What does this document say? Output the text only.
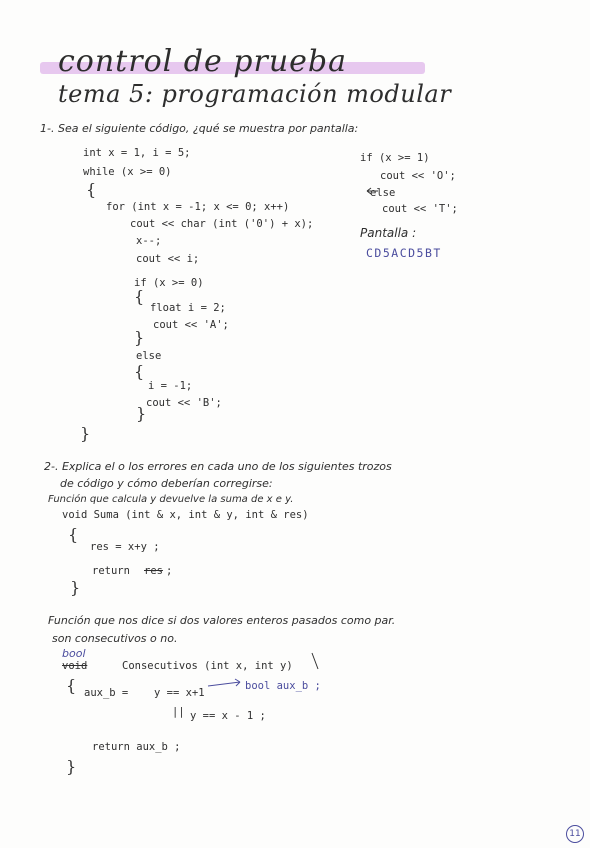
control de prueba
tema 5: programación modular
1-. Sea el siguiente código, ¿qué se muestra por pantalla:
int x = 1, i = 5;
while (x >= 0)
{
for (int x = -1; x <= 0; x++)
cout << char (int ('0') + x);
x--;
cout << i;
if (x >= 0)
{
float i = 2;
cout << 'A';
}
else
{
i = -1;
cout << 'B';
}
}
if (x >= 1)
cout << 'O';
else
cout << 'T';
Pantalla :
CD5ACD5BT
2-. Explica el o los errores en cada uno de los siguientes trozos
de código y cómo deberían corregirse:
Función que calcula y devuelve la suma de x e y.
void Suma (int & x, int & y, int & res)
{
res = x+y ;
return res ;
}
Función que nos dice si dos valores enteros pasados como par.
son consecutivos o no.
bool
void	Consecutivos (int x, int y)
{ aux_b = y == x+1
bool aux_b ;
|| y == x - 1 ;
return aux_b ;
}
11
